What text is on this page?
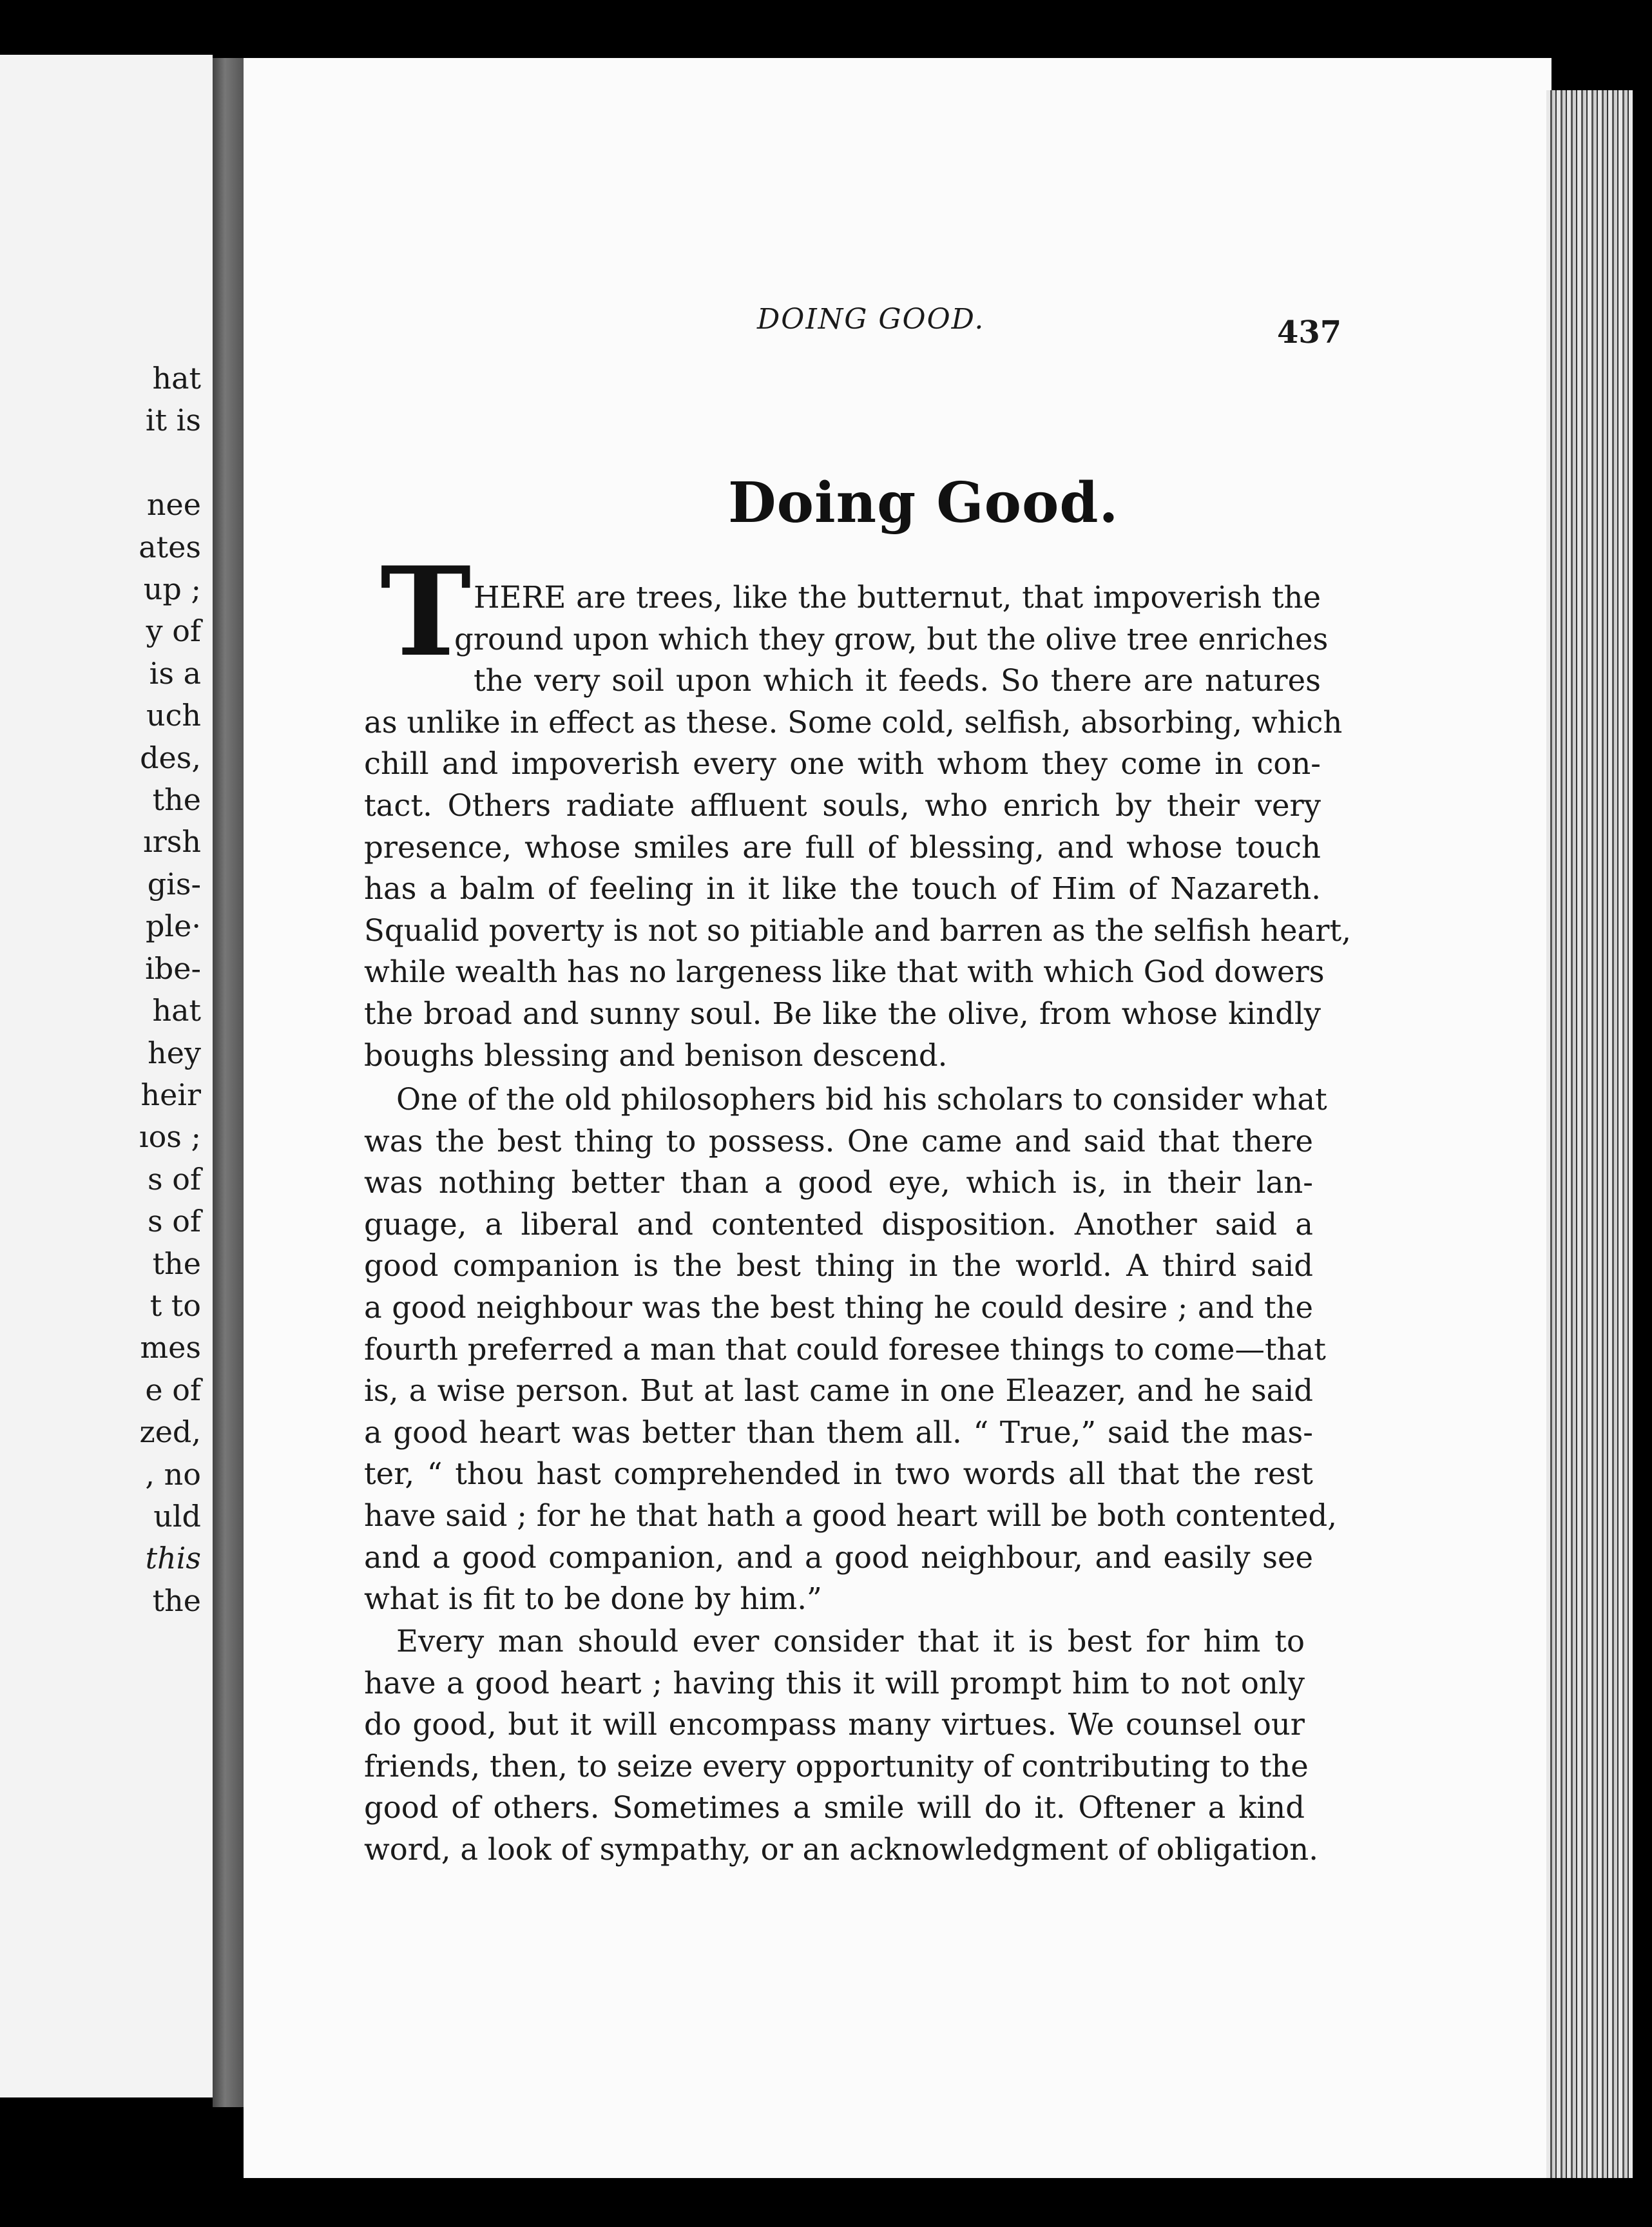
hat
it is

nee
ates
up ;
y of
is a
uch
des,
the
ırsh
gis-
ple·
ibe-
hat
hey
heir
ıos ;
s of
s of
the
t to
mes
e of
zed,
, no
uld
this
the
DOING GOOD.	437
Doing Good.
T HERE are trees, like the butternut, that impoverish the
ground upon which they grow, but the olive tree enriches
the very soil upon which it feeds. So there are natures
as unlike in effect as these. Some cold, selfish, absorbing, which
chill and impoverish every one with whom they come in con-
tact. Others radiate affluent souls, who enrich by their very
presence, whose smiles are full of blessing, and whose touch
has a balm of feeling in it like the touch of Him of Nazareth.
Squalid poverty is not so pitiable and barren as the selfish heart,
while wealth has no largeness like that with which God dowers
the broad and sunny soul. Be like the olive, from whose kindly
boughs blessing and benison descend.
One of the old philosophers bid his scholars to consider what
was the best thing to possess. One came and said that there
was nothing better than a good eye, which is, in their lan-
guage, a liberal and contented disposition. Another said a
good companion is the best thing in the world. A third said
a good neighbour was the best thing he could desire ; and the
fourth preferred a man that could foresee things to come—that
is, a wise person. But at last came in one Eleazer, and he said
a good heart was better than them all. “ True,” said the mas-
ter, “ thou hast comprehended in two words all that the rest
have said ; for he that hath a good heart will be both contented,
and a good companion, and a good neighbour, and easily see
what is fit to be done by him.”
Every man should ever consider that it is best for him to
have a good heart ; having this it will prompt him to not only
do good, but it will encompass many virtues. We counsel our
friends, then, to seize every opportunity of contributing to the
good of others. Sometimes a smile will do it. Oftener a kind
word, a look of sympathy, or an acknowledgment of obligation.
